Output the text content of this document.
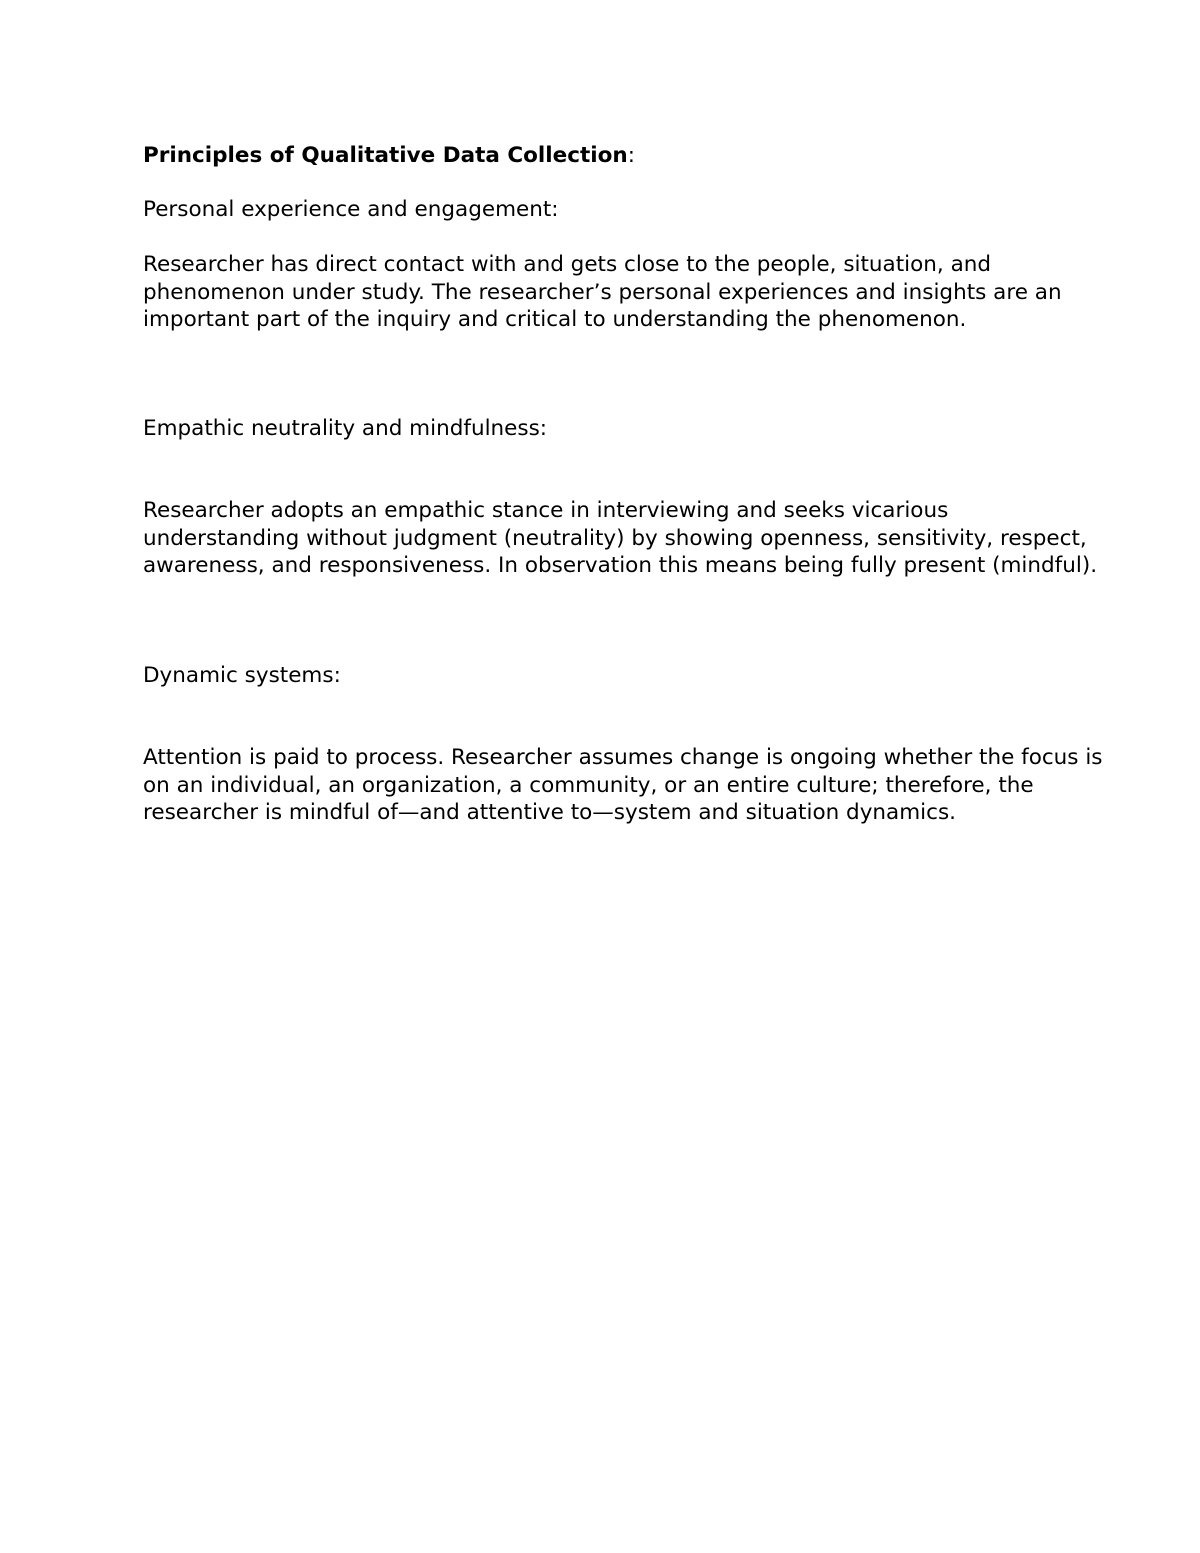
Principles of Qualitative Data Collection:

Personal experience and engagement:

Researcher has direct contact with and gets close to the people, situation, and phenomenon under study. The researcher’s personal experiences and insights are an important part of the inquiry and critical to understanding the phenomenon.

Empathic neutrality and mindfulness:

Researcher adopts an empathic stance in interviewing and seeks vicarious understanding without judgment (neutrality) by showing openness, sensitivity, respect, awareness, and responsiveness. In observation this means being fully present (mindful).

Dynamic systems:

Attention is paid to process. Researcher assumes change is ongoing whether the focus is on an individual, an organization, a community, or an entire culture; therefore, the researcher is mindful of—and attentive to—system and situation dynamics.
